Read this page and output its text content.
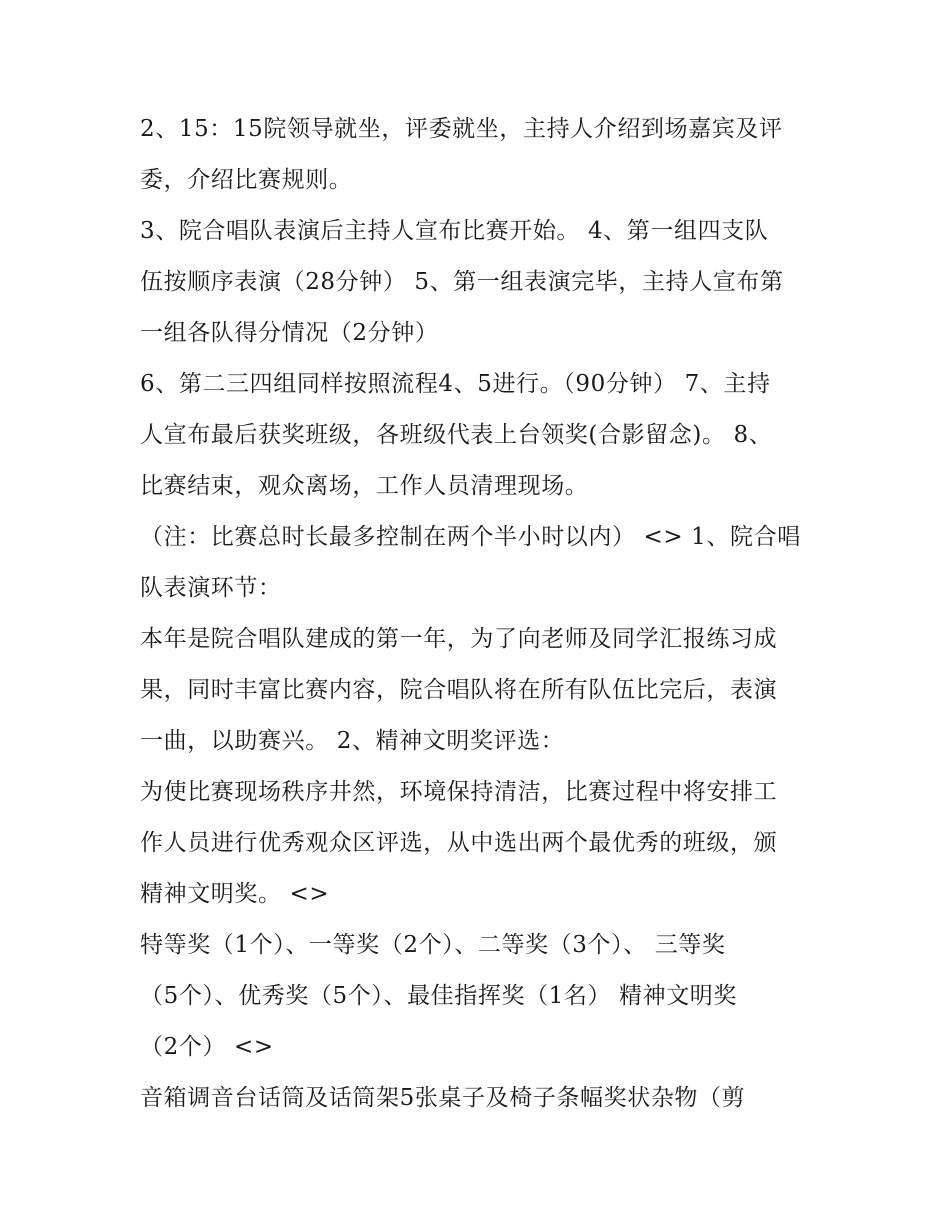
2、15：15院领导就坐，评委就坐，主持人介绍到场嘉宾及评
委，介绍比赛规则。
3、院合唱队表演后主持人宣布比赛开始。 4、第一组四支队
伍按顺序表演（28分钟） 5、第一组表演完毕，主持人宣布第
一组各队得分情况（2分钟）
6、第二三四组同样按照流程4、5进行。（90分钟） 7、主持
人宣布最后获奖班级，各班级代表上台领奖(合影留念)。 8、
比赛结束，观众离场，工作人员清理现场。
（注：比赛总时长最多控制在两个半小时以内） <> 1、院合唱
队表演环节：
本年是院合唱队建成的第一年，为了向老师及同学汇报练习成
果，同时丰富比赛内容，院合唱队将在所有队伍比完后，表演
一曲，以助赛兴。 2、精神文明奖评选：
为使比赛现场秩序井然，环境保持清洁，比赛过程中将安排工
作人员进行优秀观众区评选，从中选出两个最优秀的班级，颁
精神文明奖。 <>
特等奖（1个）、一等奖（2个）、二等奖（3个）、 三等奖
（5个）、优秀奖（5个）、最佳指挥奖（1名） 精神文明奖
（2个） <>
音箱调音台话筒及话筒架5张桌子及椅子条幅奖状杂物（剪
